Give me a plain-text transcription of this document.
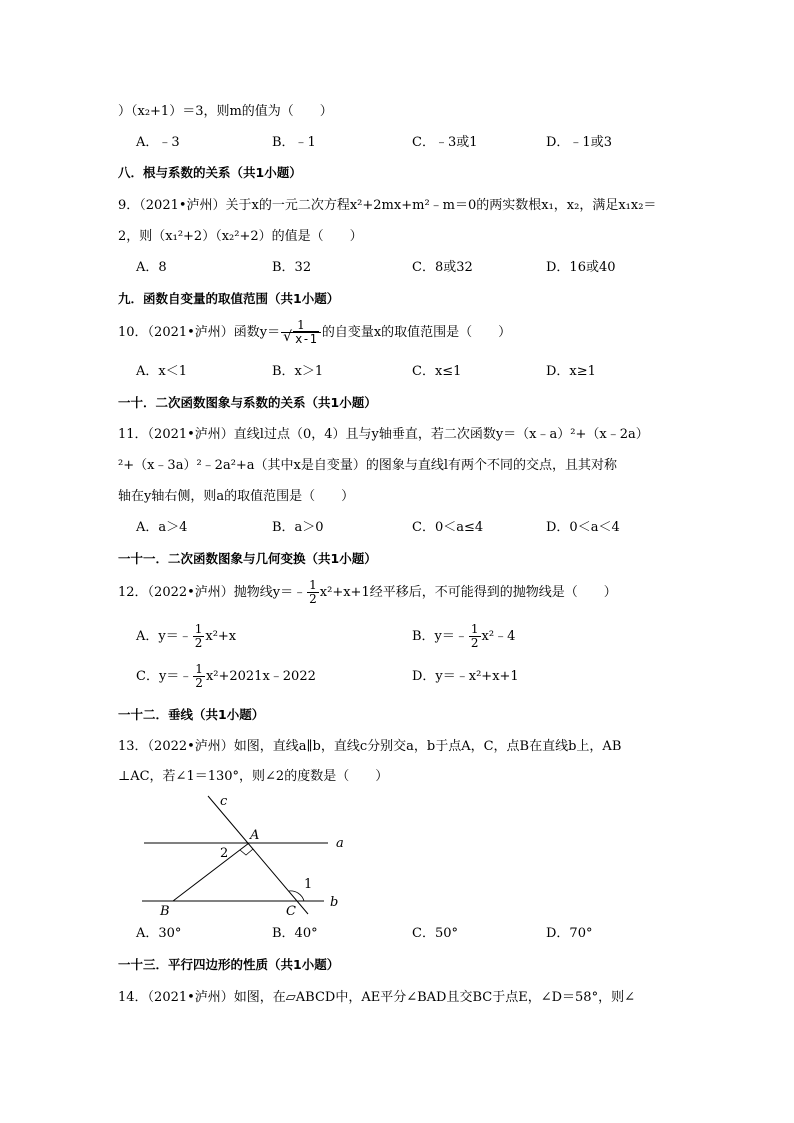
）（x₂+1）＝3，则m的值为（　　）
A．﹣3	B．﹣1	C．﹣3或1	D．﹣1或3
八．根与系数的关系（共1小题）
9．（2021•泸州）关于x的一元二次方程x²+2mx+m²﹣m＝0的两实数根x₁，x₂，满足x₁x₂＝
2，则（x₁²+2）（x₂²+2）的值是（　　）
A．8	B．32	C．8或32	D．16或40
九．函数自变量的取值范围（共1小题）
10．（2021•泸州）函数$y= \frac{1}{√ x-1}$ 的自变量x的取值范围是（　　）
A．x＜1	B．x＞1	C．x≤1	D．x≥1
一十．二次函数图象与系数的关系（共1小题）
11．（2021•泸州）直线l过点（0，4）且与y轴垂直，若二次函数y＝（x﹣a）²+（x﹣2a）
²+（x﹣3a）²﹣2a²+a（其中x是自变量）的图象与直线l有两个不同的交点，且其对称
轴在y轴右侧，则a的取值范围是（　　）
A．a＞4	B．a＞0	C．0＜a≤4	D．0＜a＜4
一十一．二次函数图象与几何变换（共1小题）
12．（2022•泸州）抛物线y＝﹣ $\frac{1}{2} x^2+x+1$经平移后，不可能得到的抛物线是（　　）
A．y＝﹣ $\frac{1}{2} x^2+x$	B．y＝﹣ $\frac{1}{2}$ x²﹣4
C．y＝﹣ $\frac{1}{2}$ x²+2021x﹣2022	D．y＝﹣x²+x+1
一十二．垂线（共1小题）
13．（2022•泸州）如图，直线a∥b，直线c分别交a，b于点A，C，点B在直线b上，AB
⊥AC，若∠1＝130°，则∠2的度数是（　　）
c
A
a
2
1
B	C
b
A．30°	B．40°	C．50°	D．70°
一十三．平行四边形的性质（共1小题）
14．（2021•泸州）如图，在▱ABCD中，AE平分∠BAD且交BC于点E，∠D＝58°，则∠
